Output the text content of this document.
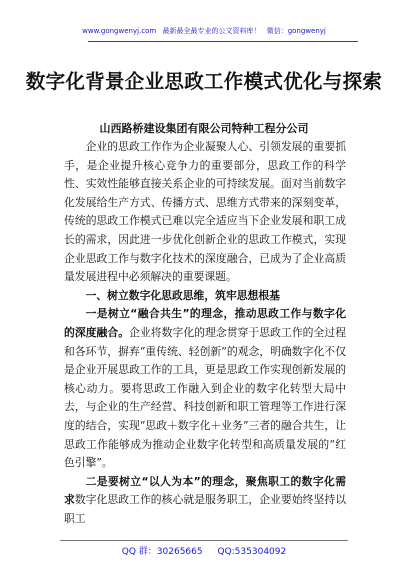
www.gongwenyj.com 最新最全最专业的公文资料库！ 微信：gongwenyj
数字化背景企业思政工作模式优化与探索
山西路桥建设集团有限公司特种工程分公司

企业的思政工作作为企业凝聚人心、引领发展的重要抓手，是企业提升核心竞争力的重要部分，思政工作的科学性、实效性能够直接关系企业的可持续发展。面对当前数字化发展给生产方式、传播方式、思维方式带来的深刻变革，传统的思政工作模式已难以完全适应当下企业发展和职工成长的需求，因此进一步优化创新企业的思政工作模式，实现企业思政工作与数字化技术的深度融合，已成为了企业高质量发展进程中必须解决的重要课题。

一、树立数字化思政思维，筑牢思想根基

一是树立“融合共生”的理念，推动思政工作与数字化的深度融合。企业将数字化的理念贯穿于思政工作的全过程和各环节，摒弃“重传统、轻创新”的观念，明确数字化不仅是企业开展思政工作的工具，更是思政工作实现创新发展的核心动力。要将思政工作融入到企业的数字化转型大局中去，与企业的生产经营、科技创新和职工管理等工作进行深度的结合，实现“思政＋数字化＋业务”三者的融合共生，让思政工作能够成为推动企业数字化转型和高质量发展的“红色引擎”。

二是要树立“以人为本”的理念，聚焦职工的数字化需求数字化思政工作的核心就是服务职工，企业要始终坚持以职工

QQ 群：30265665 QQ:535304092
